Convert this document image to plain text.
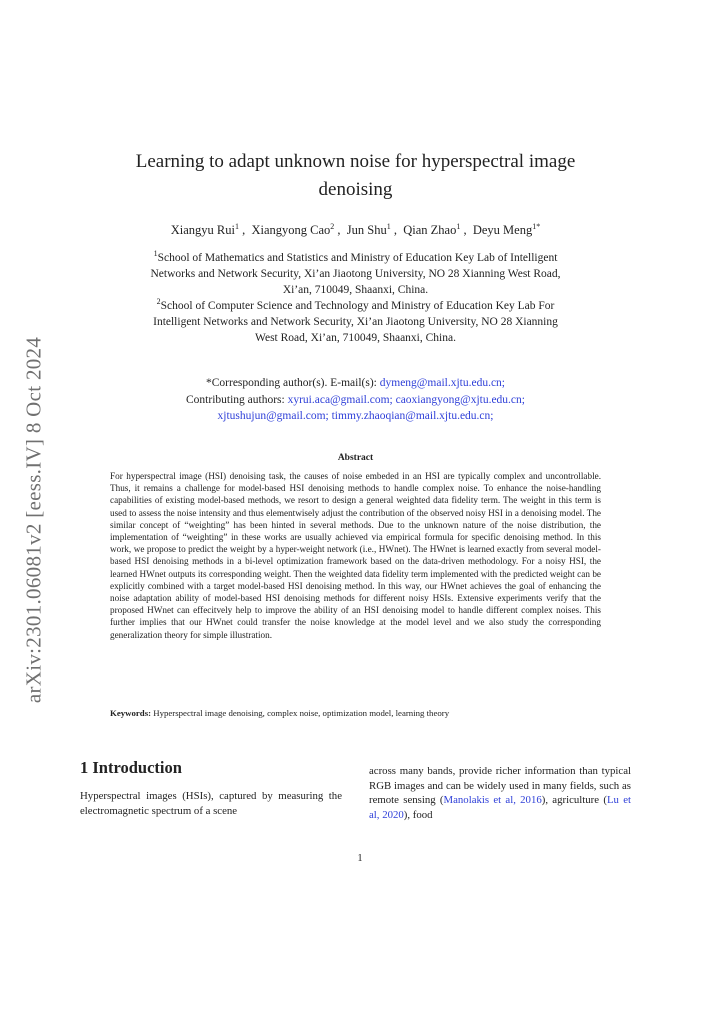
arXiv:2301.06081v2 [eess.IV] 8 Oct 2024
Learning to adapt unknown noise for hyperspectral image
denoising
Xiangyu Rui$^1$ , Xiangyong Cao$^2$ , Jun Shu$^1$ , Qian Zhao$^1$ , Deyu Meng$^{1*}$
$^1$School of Mathematics and Statistics and Ministry of Education Key Lab of Intelligent
Networks and Network Security, Xi’an Jiaotong University, NO 28 Xianning West Road,
Xi’an, 710049, Shaanxi, China.
$^2$School of Computer Science and Technology and Ministry of Education Key Lab For
Intelligent Networks and Network Security, Xi’an Jiaotong University, NO 28 Xianning
West Road, Xi’an, 710049, Shaanxi, China.
*Corresponding author(s). E-mail(s): dymeng@mail.xjtu.edu.cn;
Contributing authors: xyrui.aca@gmail.com; caoxiangyong@xjtu.edu.cn;
xjtushujun@gmail.com; timmy.zhaoqian@mail.xjtu.edu.cn;
Abstract
For hyperspectral image (HSI) denoising task, the causes of noise embeded in an HSI are typically complex and uncontrollable. Thus, it remains a challenge for model-based HSI denoising methods to handle complex noise. To enhance the noise-handling capabilities of existing model-based methods, we resort to design a general weighted data fidelity term. The weight in this term is used to assess the noise intensity and thus elementwisely adjust the contribution of the observed noisy HSI in a denoising model. The similar concept of “weighting” has been hinted in several methods. Due to the unknown nature of the noise distribution, the implementation of “weighting” in these works are usually achieved via empirical formula for specific denoising method. In this work, we propose to predict the weight by a hyper-weight network (i.e., HWnet). The HWnet is learned exactly from several model-based HSI denoising methods in a bi-level optimization framework based on the data-driven methodology. For a noisy HSI, the learned HWnet outputs its corresponding weight. Then the weighted data fidelity term implemented with the predicted weight can be explicitly combined with a target model-based HSI denoising method. In this way, our HWnet achieves the goal of enhancing the noise adaptation ability of model-based HSI denoising methods for different noisy HSIs. Extensive experiments verify that the proposed HWnet can effecitvely help to improve the ability of an HSI denoising model to handle different complex noises. This further implies that our HWnet could transfer the noise knowledge at the model level and we also study the corresponding generalization theory for simple illustration.
Keywords: Hyperspectral image denoising, complex noise, optimization model, learning theory
1 Introduction
Hyperspectral images (HSIs), captured by measuring the electromagnetic spectrum of a scene
across many bands, provide richer information than typical RGB images and can be widely used in many fields, such as remote sensing (Manolakis et al, 2016), agriculture (Lu et al, 2020), food
1
